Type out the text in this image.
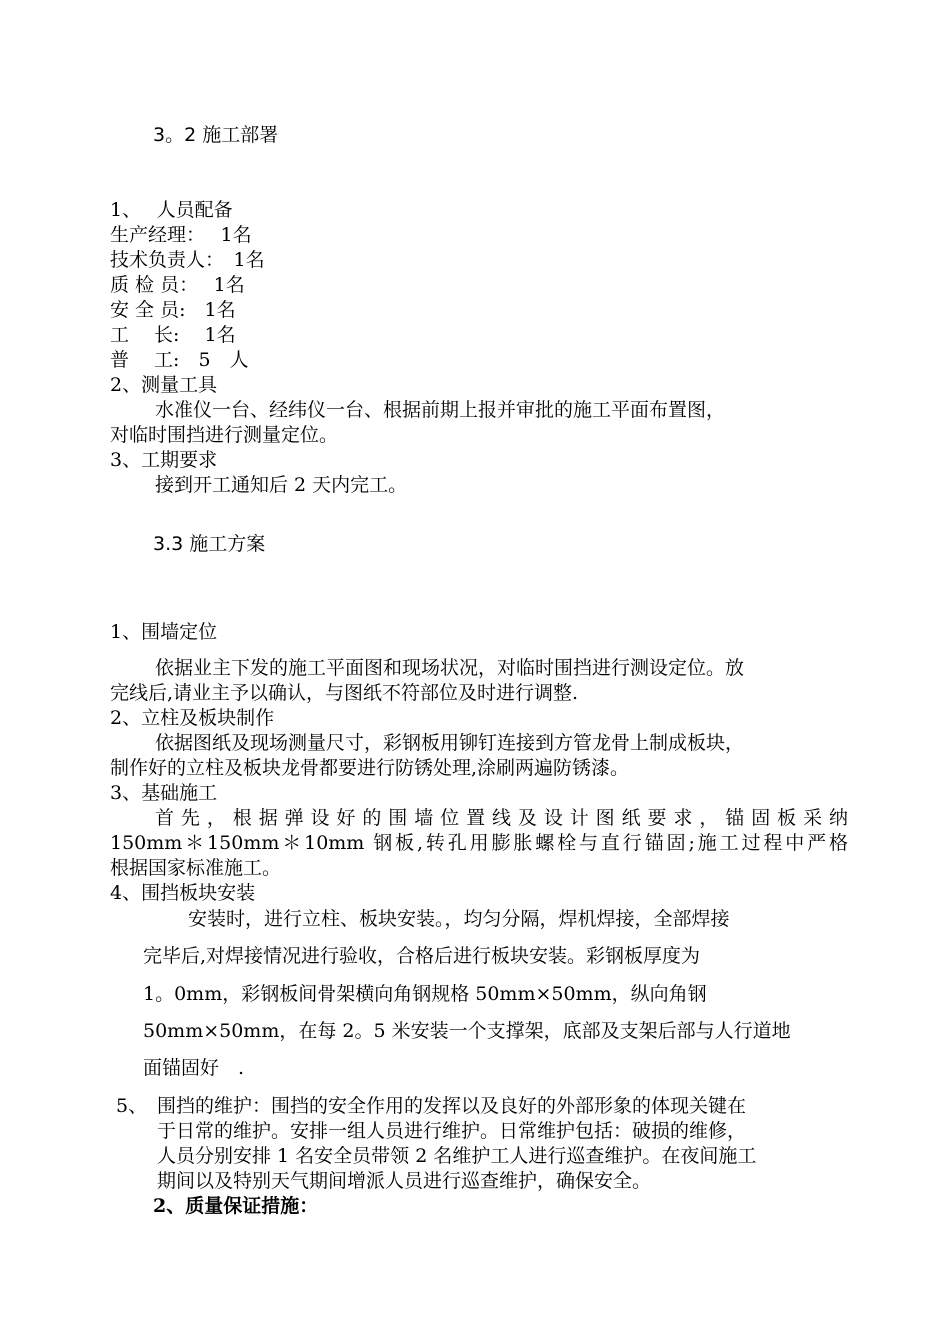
3。2 施工部署
1、　 人员配备
生产经理：　 1名
技术负责人：　1名
质 检 员：　 1名
安 全 员:　1名
工　 长:　 1名
普　 工:　5　人
2、测量工具
水准仪一台、经纬仪一台、根据前期上报并审批的施工平面布置图，
对临时围挡进行测量定位。
3、工期要求
接到开工通知后 2 天内完工。
3.3 施工方案
1、围墙定位
依据业主下发的施工平面图和现场状况，对临时围挡进行测设定位。放
完线后,请业主予以确认，与图纸不符部位及时进行调整.
2、立柱及板块制作
依据图纸及现场测量尺寸，彩钢板用铆钉连接到方管龙骨上制成板块，
制作好的立柱及板块龙骨都要进行防锈处理,涂刷两遍防锈漆。
3、基础施工
首先，根据弹设好的围墙位置线及设计图纸要求，锚固板采纳
150mm＊150mm＊10mm 钢板,转孔用膨胀螺栓与直行锚固;施工过程中严格
根据国家标准施工。
4、围挡板块安装
安装时，进行立柱、板块安装。，均匀分隔，焊机焊接，全部焊接
完毕后,对焊接情况进行验收，合格后进行板块安装。彩钢板厚度为
1。0mm，彩钢板间骨架横向角钢规格 50mm×50mm，纵向角钢
50mm×50mm，在每 2。5 米安装一个支撑架，底部及支架后部与人行道地
面锚固好　.
5、 围挡的维护：围挡的安全作用的发挥以及良好的外部形象的体现关键在
于日常的维护。安排一组人员进行维护。日常维护包括：破损的维修，
人员分别安排 1 名安全员带领 2 名维护工人进行巡查维护。在夜间施工
期间以及特别天气期间增派人员进行巡查维护，确保安全。
2、质量保证措施：
